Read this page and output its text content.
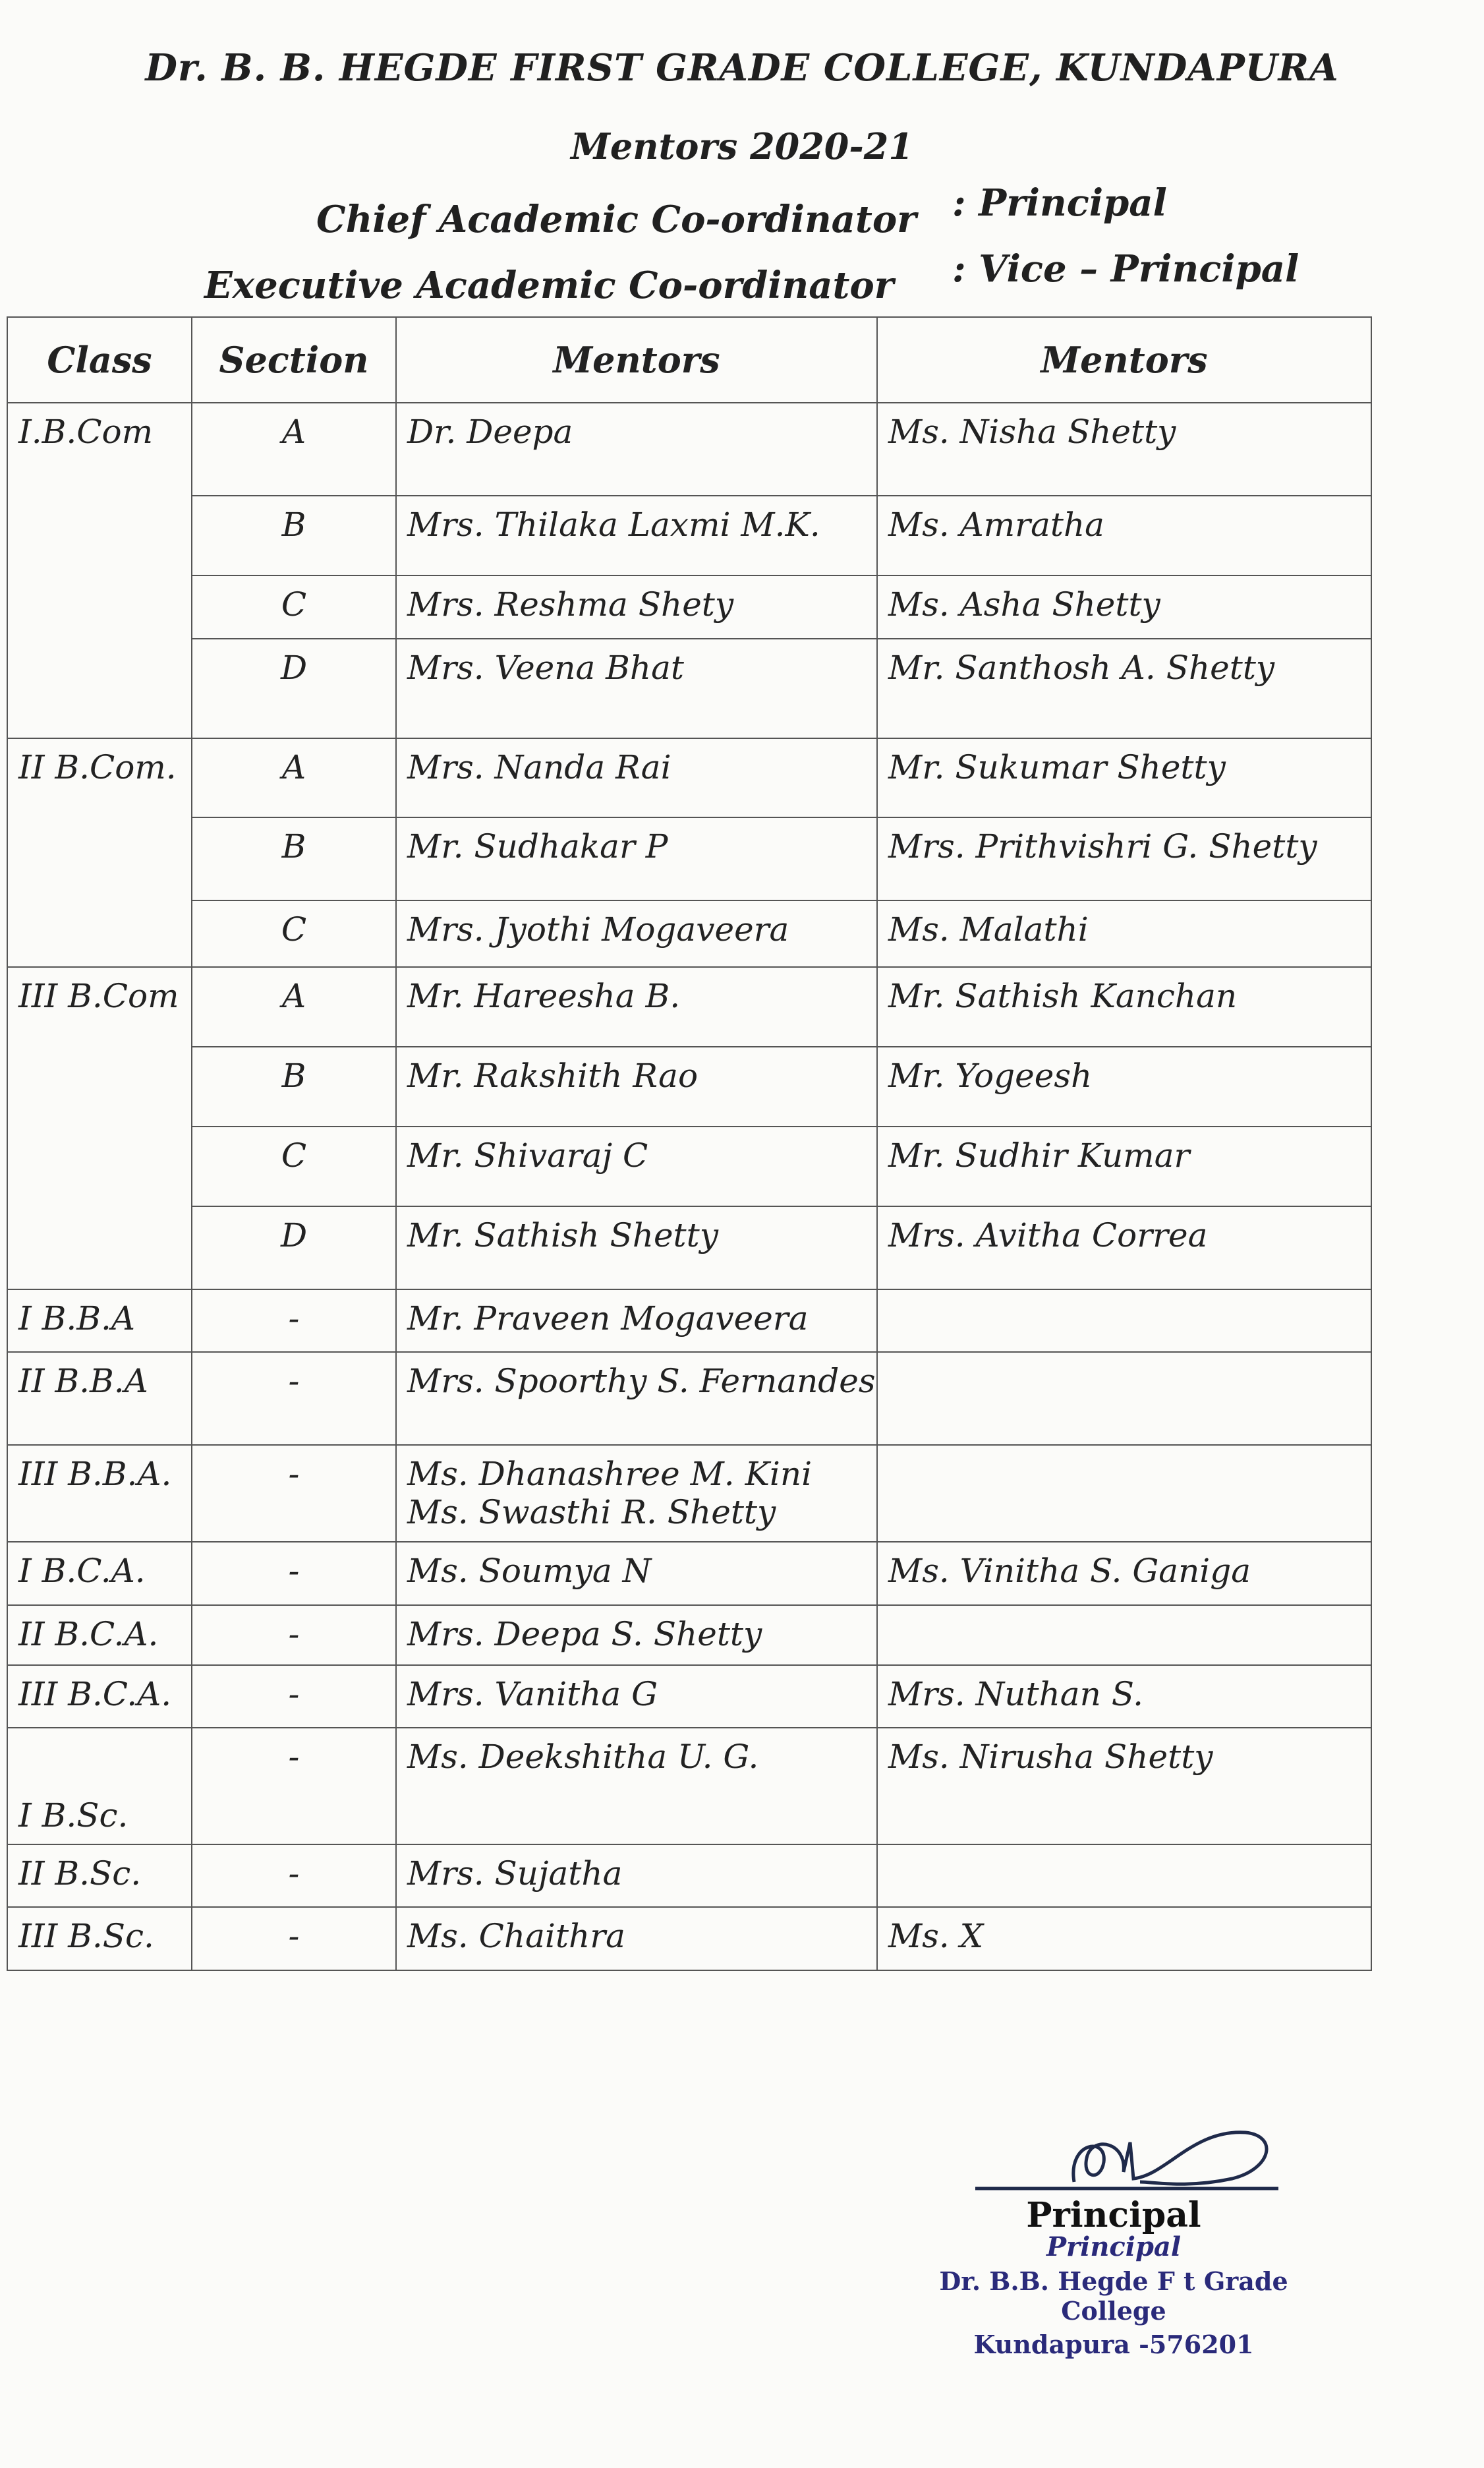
Dr. B. B. HEGDE FIRST GRADE COLLEGE, KUNDAPURA
Mentors 2020-21
Chief Academic Co-ordinator : Principal
Executive Academic Co-ordinator : Vice – Principal
Class	Section	Mentors	Mentors
I.B.Com	A	Dr. Deepa	Ms. Nisha Shetty
	B	Mrs. Thilaka Laxmi M.K.	Ms. Amratha
	C	Mrs. Reshma Shety	Ms. Asha Shetty
	D	Mrs. Veena Bhat	Mr. Santhosh A. Shetty
II B.Com.	A	Mrs. Nanda Rai	Mr. Sukumar Shetty
	B	Mr. Sudhakar P	Mrs. Prithvishri G. Shetty
	C	Mrs. Jyothi Mogaveera	Ms. Malathi
III B.Com	A	Mr. Hareesha B.	Mr. Sathish Kanchan
	B	Mr. Rakshith Rao	Mr. Yogeesh
	C	Mr. Shivaraj C	Mr. Sudhir Kumar
	D	Mr. Sathish Shetty	Mrs. Avitha Correa
I B.B.A	-	Mr. Praveen Mogaveera	
II B.B.A	-	Mrs. Spoorthy S. Fernandes	
III B.B.A.	-	Ms. Dhanashree M. Kini
Ms. Swasthi R. Shetty	

I B.C.A.	-	Ms. Soumya N	Ms. Vinitha S. Ganiga
II B.C.A.	-	Mrs. Deepa S. Shetty	
III B.C.A.	-	Mrs. Vanitha G	Mrs. Nuthan S.
I B.Sc.	-	Ms. Deekshitha U. G.	Ms. Nirusha Shetty
II B.Sc.	-	Mrs. Sujatha	
III B.Sc.	-	Ms. Chaithra	Ms. X
Principal
Principal
Dr. B.B. Hegde F t Grade College
Kundapura -576201
